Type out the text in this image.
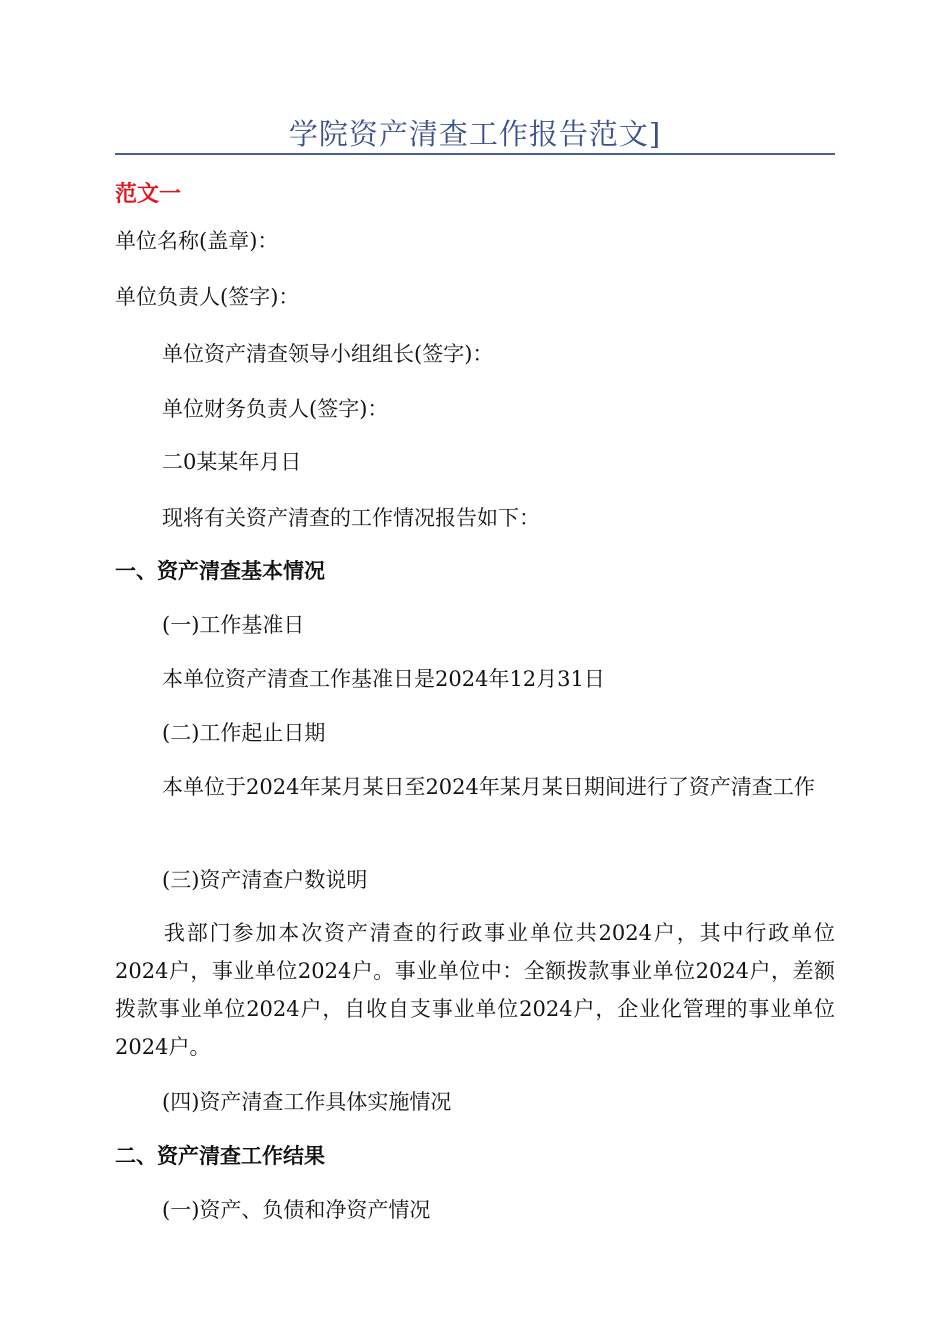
学院资产清查工作报告范文]
范文一
单位名称(盖章)：
单位负责人(签字)：
单位资产清查领导小组组长(签字)：
单位财务负责人(签字)：
二0某某年月日
现将有关资产清查的工作情况报告如下：
一、资产清查基本情况
(一)工作基准日
本单位资产清查工作基准日是2024年12月31日
(二)工作起止日期
本单位于2024年某月某日至2024年某月某日期间进行了资产清查工作
(三)资产清查户数说明
我部门参加本次资产清查的行政事业单位共2024户，其中行政单位2024户，事业单位2024户。事业单位中：全额拨款事业单位2024户，差额拨款事业单位2024户，自收自支事业单位2024户，企业化管理的事业单位2024户。
(四)资产清查工作具体实施情况
二、资产清查工作结果
(一)资产、负债和净资产情况
